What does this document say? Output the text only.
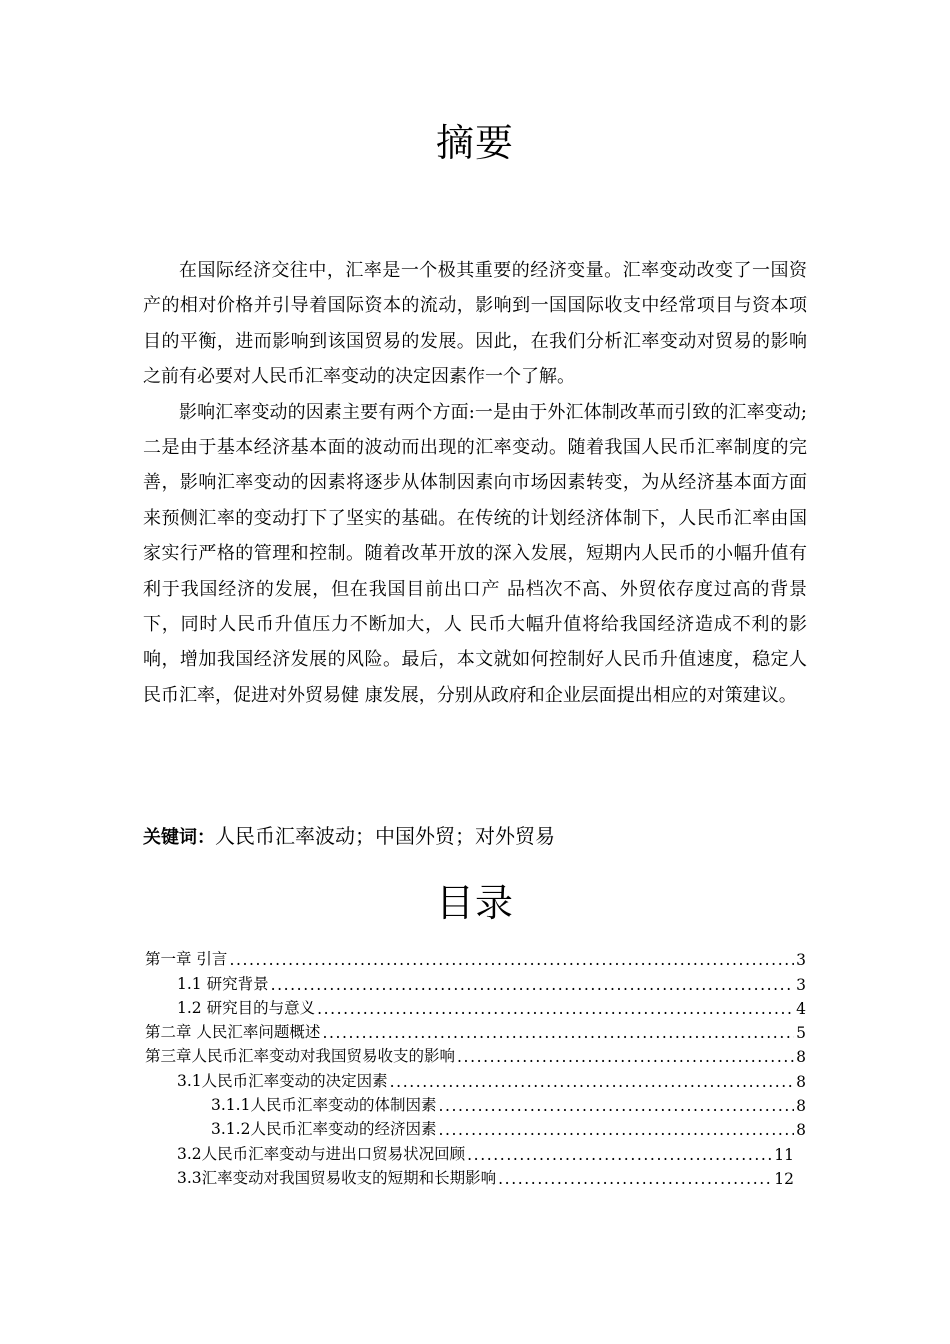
摘要

在国际经济交往中，汇率是一个极其重要的经济变量。汇率变动改变了一国资产的相对价格并引导着国际资本的流动，影响到一国国际收支中经常项目与资本项目的平衡，进而影响到该国贸易的发展。因此，在我们分析汇率变动对贸易的影响之前有必要对人民币汇率变动的决定因素作一个了解。

影响汇率变动的因素主要有两个方面:一是由于外汇体制改革而引致的汇率变动;二是由于基本经济基本面的波动而出现的汇率变动。随着我国人民币汇率制度的完善，影响汇率变动的因素将逐步从体制因素向市场因素转变，为从经济基本面方面来预侧汇率的变动打下了坚实的基础。在传统的计划经济体制下，人民币汇率由国家实行严格的管理和控制。随着改革开放的深入发展，短期内人民币的小幅升值有利于我国经济的发展，但在我国目前出口产 品档次不高、外贸依存度过高的背景下，同时人民币升值压力不断加大，人 民币大幅升值将给我国经济造成不利的影响，增加我国经济发展的风险。最后，本文就如何控制好人民币升值速度，稳定人民币汇率，促进对外贸易健 康发展，分别从政府和企业层面提出相应的对策建议。

关键词：人民币汇率波动；中国外贸；对外贸易
目录
第一章 引言 .....	3
1.1 研究背景 .....	3
1.2 研究目的与意义 .....	4
第二章 人民汇率问题概述 .....	5
第三章人民币汇率变动对我国贸易收支的影响 .....	8
3.1人民币汇率变动的决定因素 .....	8
3.1.1人民币汇率变动的体制因素 .....	8
3.1.2人民币汇率变动的经济因素 .....	8
3.2人民币汇率变动与进出口贸易状况回顾 .....	11
3.3汇率变动对我国贸易收支的短期和长期影响 .....	12
